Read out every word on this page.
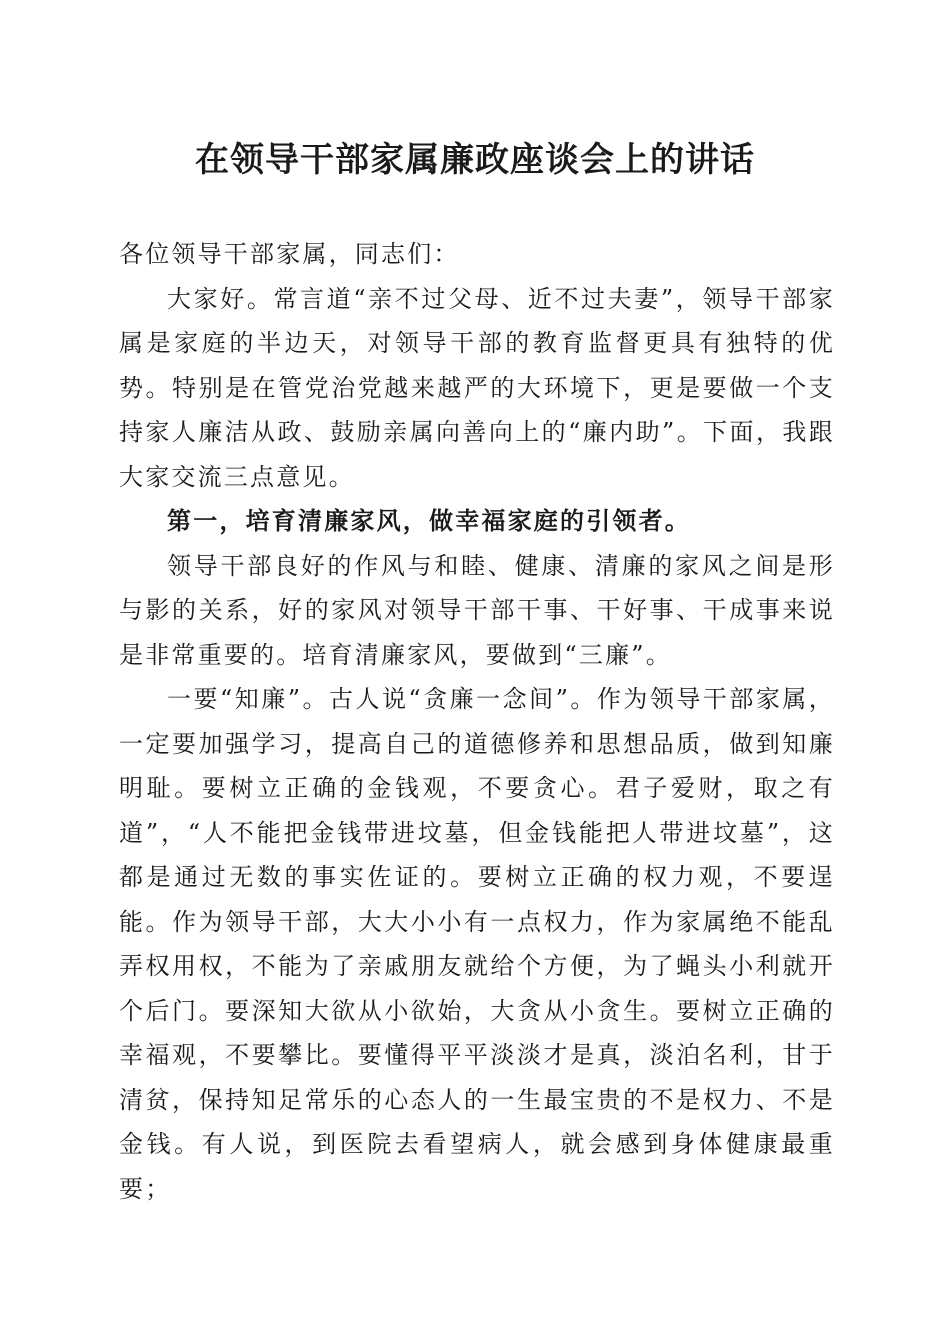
在领导干部家属廉政座谈会上的讲话

各位领导干部家属，同志们：

大家好。常言道“亲不过父母、近不过夫妻”，领导干部家属是家庭的半边天，对领导干部的教育监督更具有独特的优势。特别是在管党治党越来越严的大环境下，更是要做一个支持家人廉洁从政、鼓励亲属向善向上的“廉内助”。下面，我跟大家交流三点意见。

第一，培育清廉家风，做幸福家庭的引领者。

领导干部良好的作风与和睦、健康、清廉的家风之间是形与影的关系，好的家风对领导干部干事、干好事、干成事来说是非常重要的。培育清廉家风，要做到“三廉”。

一要“知廉”。古人说“贪廉一念间”。作为领导干部家属，一定要加强学习，提高自己的道德修养和思想品质，做到知廉明耻。要树立正确的金钱观，不要贪心。君子爱财，取之有道”，“人不能把金钱带进坟墓，但金钱能把人带进坟墓”，这都是通过无数的事实佐证的。要树立正确的权力观，不要逞能。作为领导干部，大大小小有一点权力，作为家属绝不能乱弄权用权，不能为了亲戚朋友就给个方便，为了蝇头小利就开个后门。要深知大欲从小欲始，大贪从小贪生。要树立正确的幸福观，不要攀比。要懂得平平淡淡才是真，淡泊名利，甘于清贫，保持知足常乐的心态人的一生最宝贵的不是权力、不是金钱。有人说，到医院去看望病人，就会感到身体健康最重要；
